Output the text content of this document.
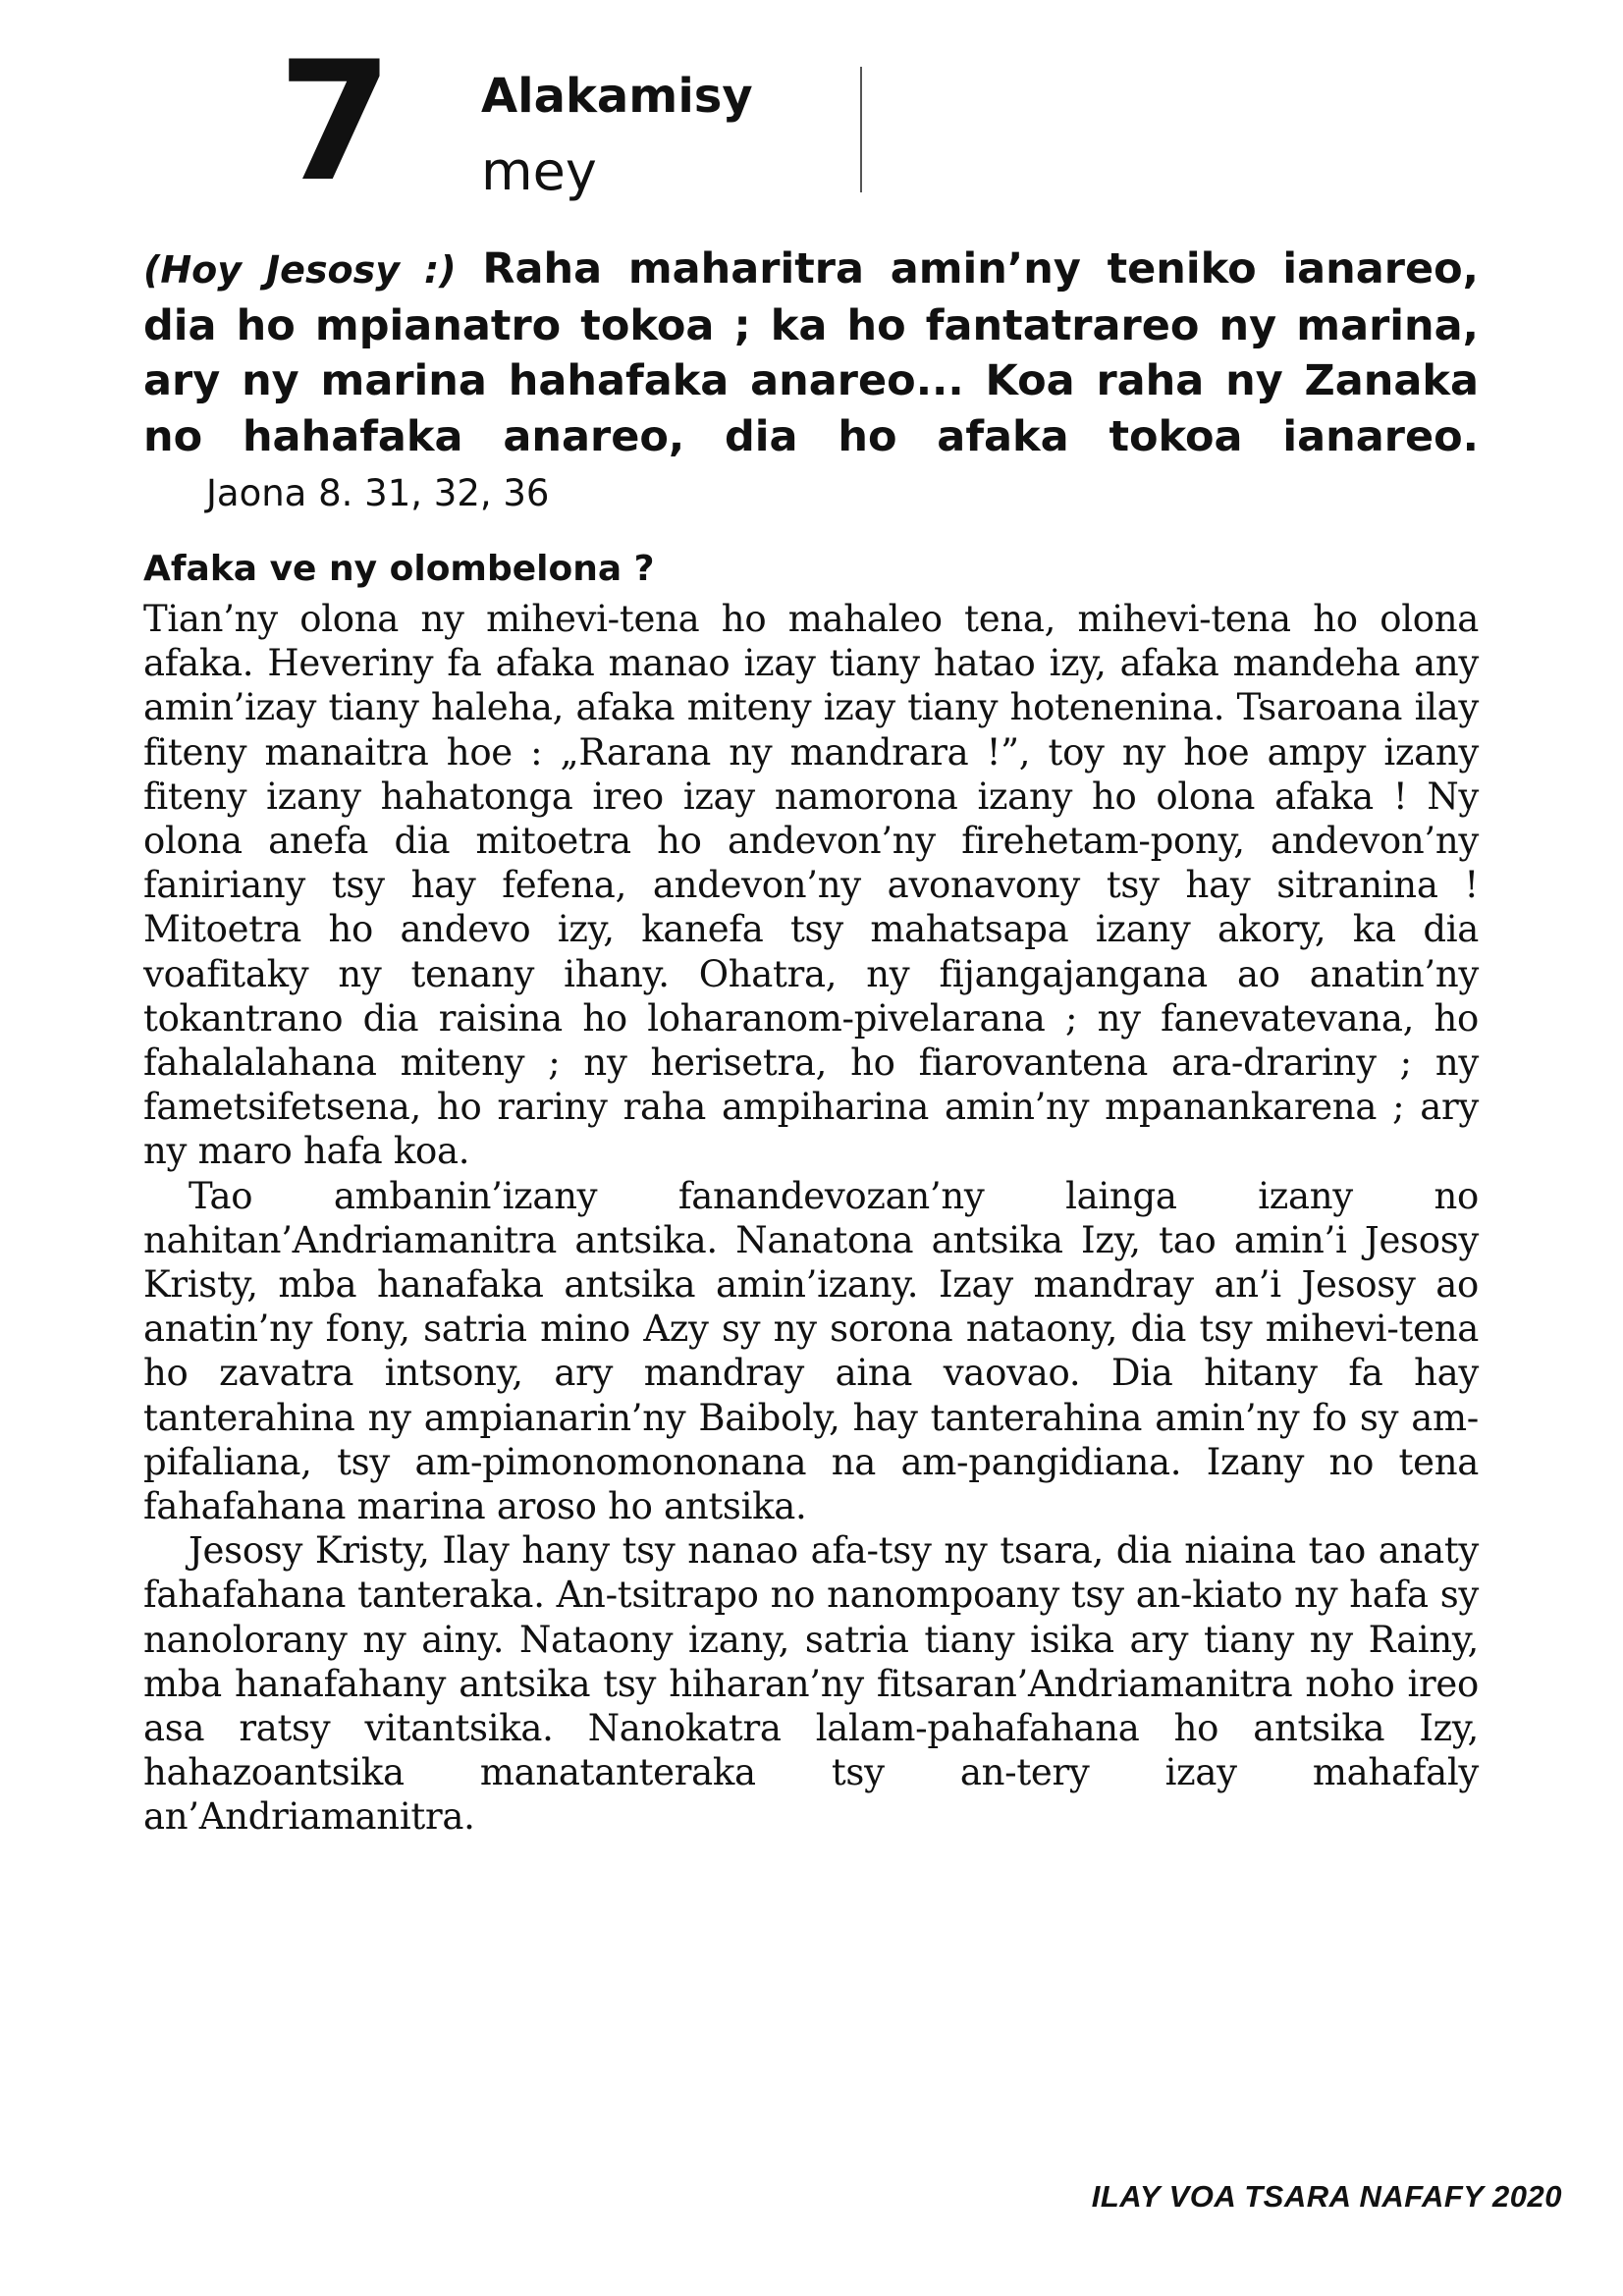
7 Alakamisy
mey
(Hoy Jesosy :) Raha maharitra amin’ny teniko ianareo, dia ho mpianatro tokoa ; ka ho fantatrareo ny marina, ary ny marina hahafaka anareo... Koa raha ny Zanaka no hahafaka anareo, dia ho afaka tokoa ianareo. Jaona 8. 31, 32, 36
Afaka ve ny olombelona ?

Tian’ny olona ny mihevi-tena ho mahaleo tena, mihevi-tena ho olona afaka. Heveriny fa afaka manao izay tiany hatao izy, afaka mandeha any amin’izay tiany haleha, afaka miteny izay tiany hotenenina. Tsaroana ilay fiteny manaitra hoe : „Rarana ny mandrara !”, toy ny hoe ampy izany fiteny izany hahatonga ireo izay namorona izany ho olona afaka ! Ny olona anefa dia mitoetra ho andevon’ny firehetam-pony, andevon’ny faniriany tsy hay fefena, andevon’ny avonavony tsy hay sitranina ! Mitoetra ho andevo izy, kanefa tsy mahatsapa izany akory, ka dia voafitaky ny tenany ihany. Ohatra, ny fijangajangana ao anatin’ny tokantrano dia raisina ho loharanom-pivelarana ; ny fanevatevana, ho fahalalahana miteny ; ny herisetra, ho fiarovantena ara-drariny ; ny fametsifetsena, ho rariny raha ampiharina amin’ny mpanankarena ; ary ny maro hafa koa.

Tao ambanin’izany fanandevozan’ny lainga izany no nahitan’Andriamanitra antsika. Nanatona antsika Izy, tao amin’i Jesosy Kristy, mba hanafaka antsika amin’izany. Izay mandray an’i Jesosy ao anatin’ny fony, satria mino Azy sy ny sorona nataony, dia tsy mihevi-tena ho zavatra intsony, ary mandray aina vaovao. Dia hitany fa hay tanterahina ny ampianarin’ny Baiboly, hay tanterahina amin’ny fo sy am-pifaliana, tsy am-pimonomononana na am-pangidiana. Izany no tena fahafahana marina aroso ho antsika.

Jesosy Kristy, Ilay hany tsy nanao afa-tsy ny tsara, dia niaina tao anaty fahafahana tanteraka. An-tsitrapo no nanompoany tsy an-kiato ny hafa sy nanolorany ny ainy. Nataony izany, satria tiany isika ary tiany ny Rainy, mba hanafahany antsika tsy hiharan’ny fitsaran’Andriamanitra noho ireo asa ratsy vitantsika. Nanokatra lalam-pahafahana ho antsika Izy, hahazoantsika manatanteraka tsy an-tery izay mahafaly an’Andriamanitra.

ILAY VOA TSARA NAFAFY 2020
